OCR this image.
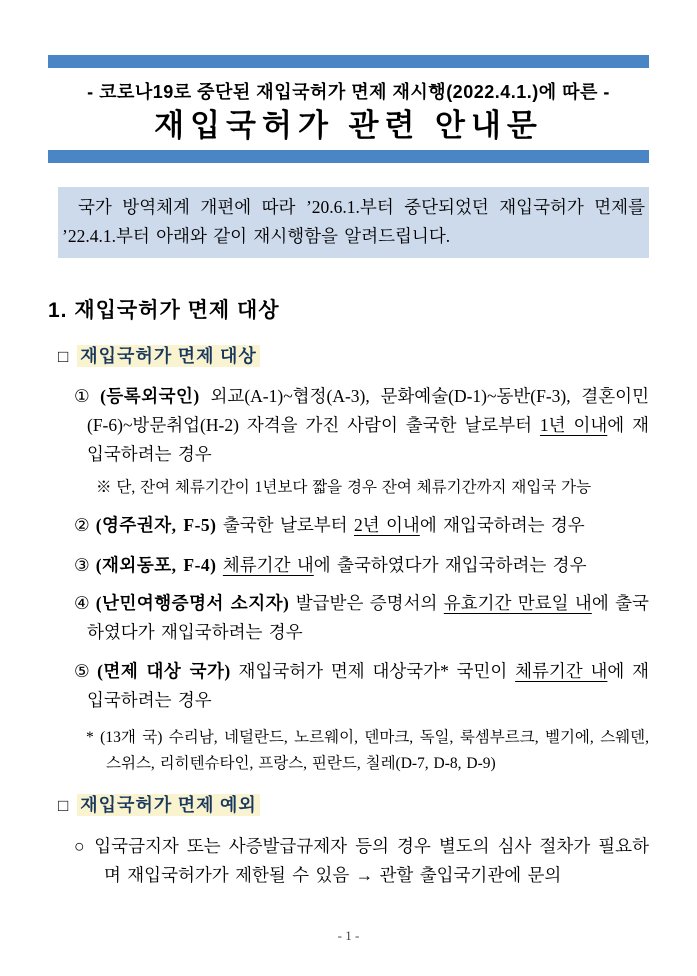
- 코로나19로 중단된 재입국허가 면제 재시행(2022.4.1.)에 따른 -
재입국허가 관련 안내문

국가 방역체계 개편에 따라 ’20.6.1.부터 중단되었던 재입국허가 면제를 ’22.4.1.부터 아래와 같이 재시행함을 알려드립니다.

1. 재입국허가 면제 대상
□ 재입국허가 면제 대상

① (등록외국인) 외교(A-1)~협정(A-3), 문화예술(D-1)~동반(F-3), 결혼이민(F-6)~방문취업(H-2) 자격을 가진 사람이 출국한 날로부터 1년 이내에 재입국하려는 경우

※ 단, 잔여 체류기간이 1년보다 짧을 경우 잔여 체류기간까지 재입국 가능

② (영주권자, F-5) 출국한 날로부터 2년 이내에 재입국하려는 경우

③ (재외동포, F-4) 체류기간 내에 출국하였다가 재입국하려는 경우

④ (난민여행증명서 소지자) 발급받은 증명서의 유효기간 만료일 내에 출국하였다가 재입국하려는 경우

⑤ (면제 대상 국가) 재입국허가 면제 대상국가* 국민이 체류기간 내에 재입국하려는 경우

* (13개 국) 수리남, 네덜란드, 노르웨이, 덴마크, 독일, 룩셈부르크, 벨기에, 스웨덴, 스위스, 리히텐슈타인, 프랑스, 핀란드, 칠레(D-7, D-8, D-9)

□ 재입국허가 면제 예외

○ 입국금지자 또는 사증발급규제자 등의 경우 별도의 심사 절차가 필요하며 재입국허가가 제한될 수 있음 → 관할 출입국기관에 문의

- 1 -
